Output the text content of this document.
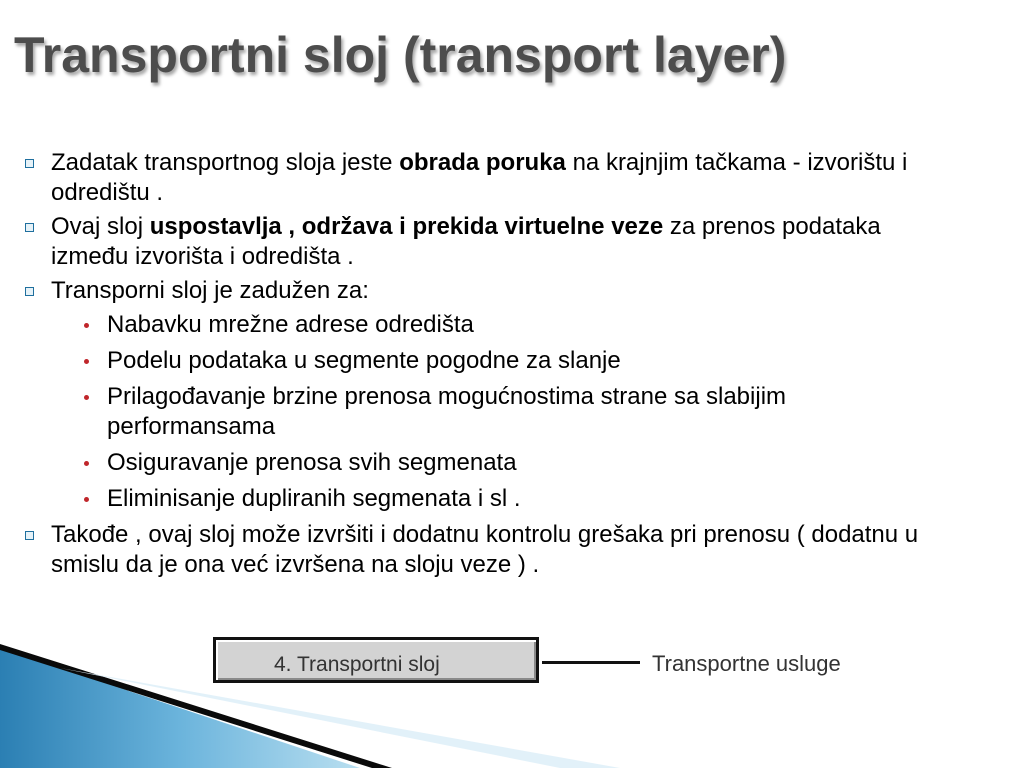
Transportni sloj (transport layer)
Zadatak transportnog sloja jeste obrada poruka na krajnjim tačkama - izvorištu i odredištu .
Ovaj sloj uspostavlja , održava i prekida virtuelne veze za prenos podataka između izvorišta i odredišta .
Transporni sloj je zadužen za:
Nabavku mrežne adrese odredišta
Podelu podataka u segmente pogodne za slanje
Prilagođavanje brzine prenosa mogućnostima strane sa slabijim performansama
Osiguravanje prenosa svih segmenata
Eliminisanje dupliranih segmenata i sl .
Takođe , ovaj sloj može izvršiti i dodatnu kontrolu grešaka pri prenosu ( dodatnu u smislu da je ona već izvršena na sloju veze ) .
4. Transportni sloj	Transportne usluge
